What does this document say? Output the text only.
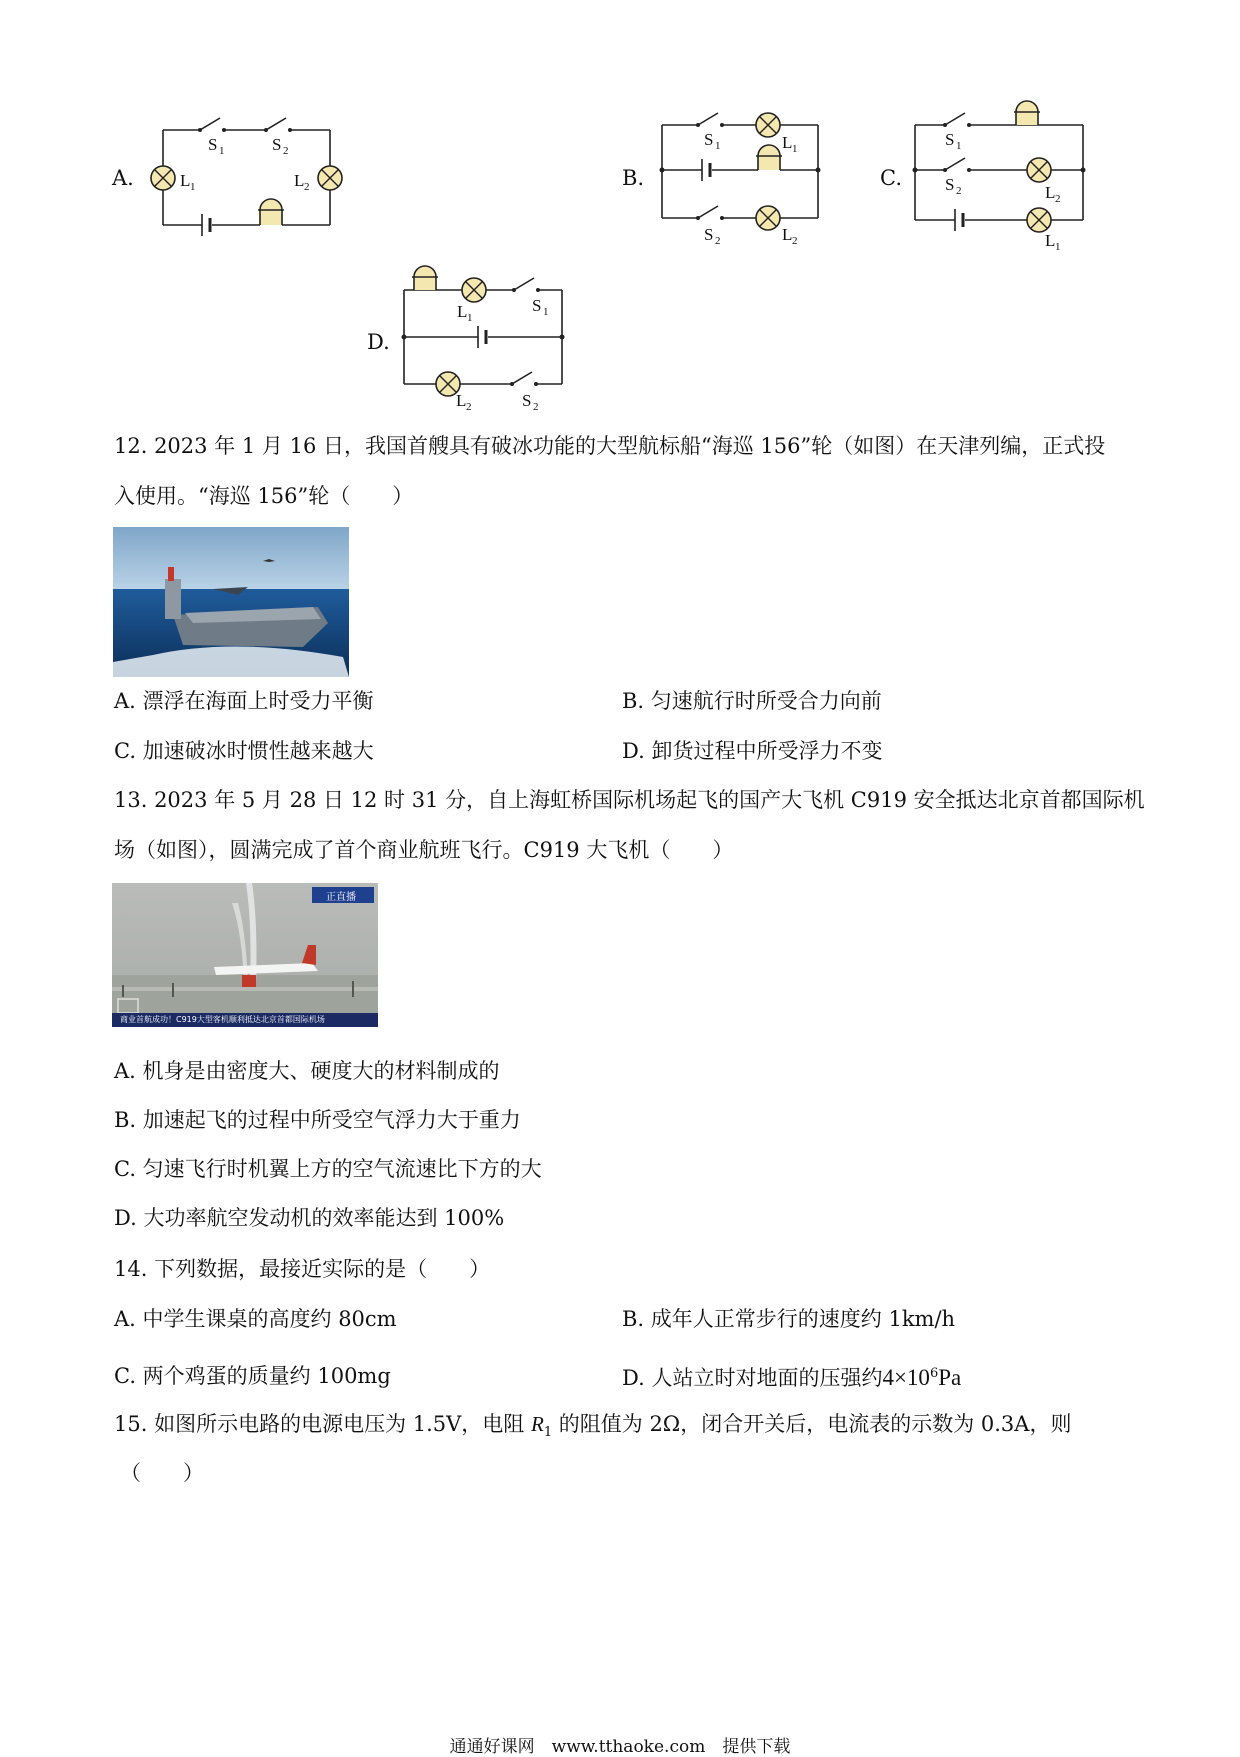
A.
S 1	S 2
L 1	L 2	B.
S 1	L 1
S 2	L 2
C.
S 1
S 2	L 2
L 1
D.
L 1
S 1
L 2	S 2
12. 2023 年 1 月 16 日，我国首艘具有破冰功能的大型航标船“海巡 156”轮（如图）在天津列编，正式投
入使用。“海巡 156”轮（　　）
A. 漂浮在海面上时受力平衡	B. 匀速航行时所受合力向前
C. 加速破冰时惯性越来越大	D. 卸货过程中所受浮力不变
13. 2023 年 5 月 28 日 12 时 31 分，自上海虹桥国际机场起飞的国产大飞机 C919 安全抵达北京首都国际机
场（如图），圆满完成了首个商业航班飞行。C919 大飞机（　　）
正直播
商业首航成功！C919大型客机顺利抵达北京首都国际机场
A. 机身是由密度大、硬度大的材料制成的
B. 加速起飞的过程中所受空气浮力大于重力
C. 匀速飞行时机翼上方的空气流速比下方的大
D. 大功率航空发动机的效率能达到 100%
14. 下列数据，最接近实际的是（　　）
A. 中学生课桌的高度约 80cm	B. 成年人正常步行的速度约 1km/h
C. 两个鸡蛋的质量约 100mg	D. 人站立时对地面的压强约$4\times 10^6Pa$
15. 如图所示电路的电源电压为 1.5V，电阻 $R_1$ 的阻值为 2Ω，闭合开关后，电流表的示数为 0.3A，则
（　　）
通通好课网　www.tthaoke.com　提供下载
